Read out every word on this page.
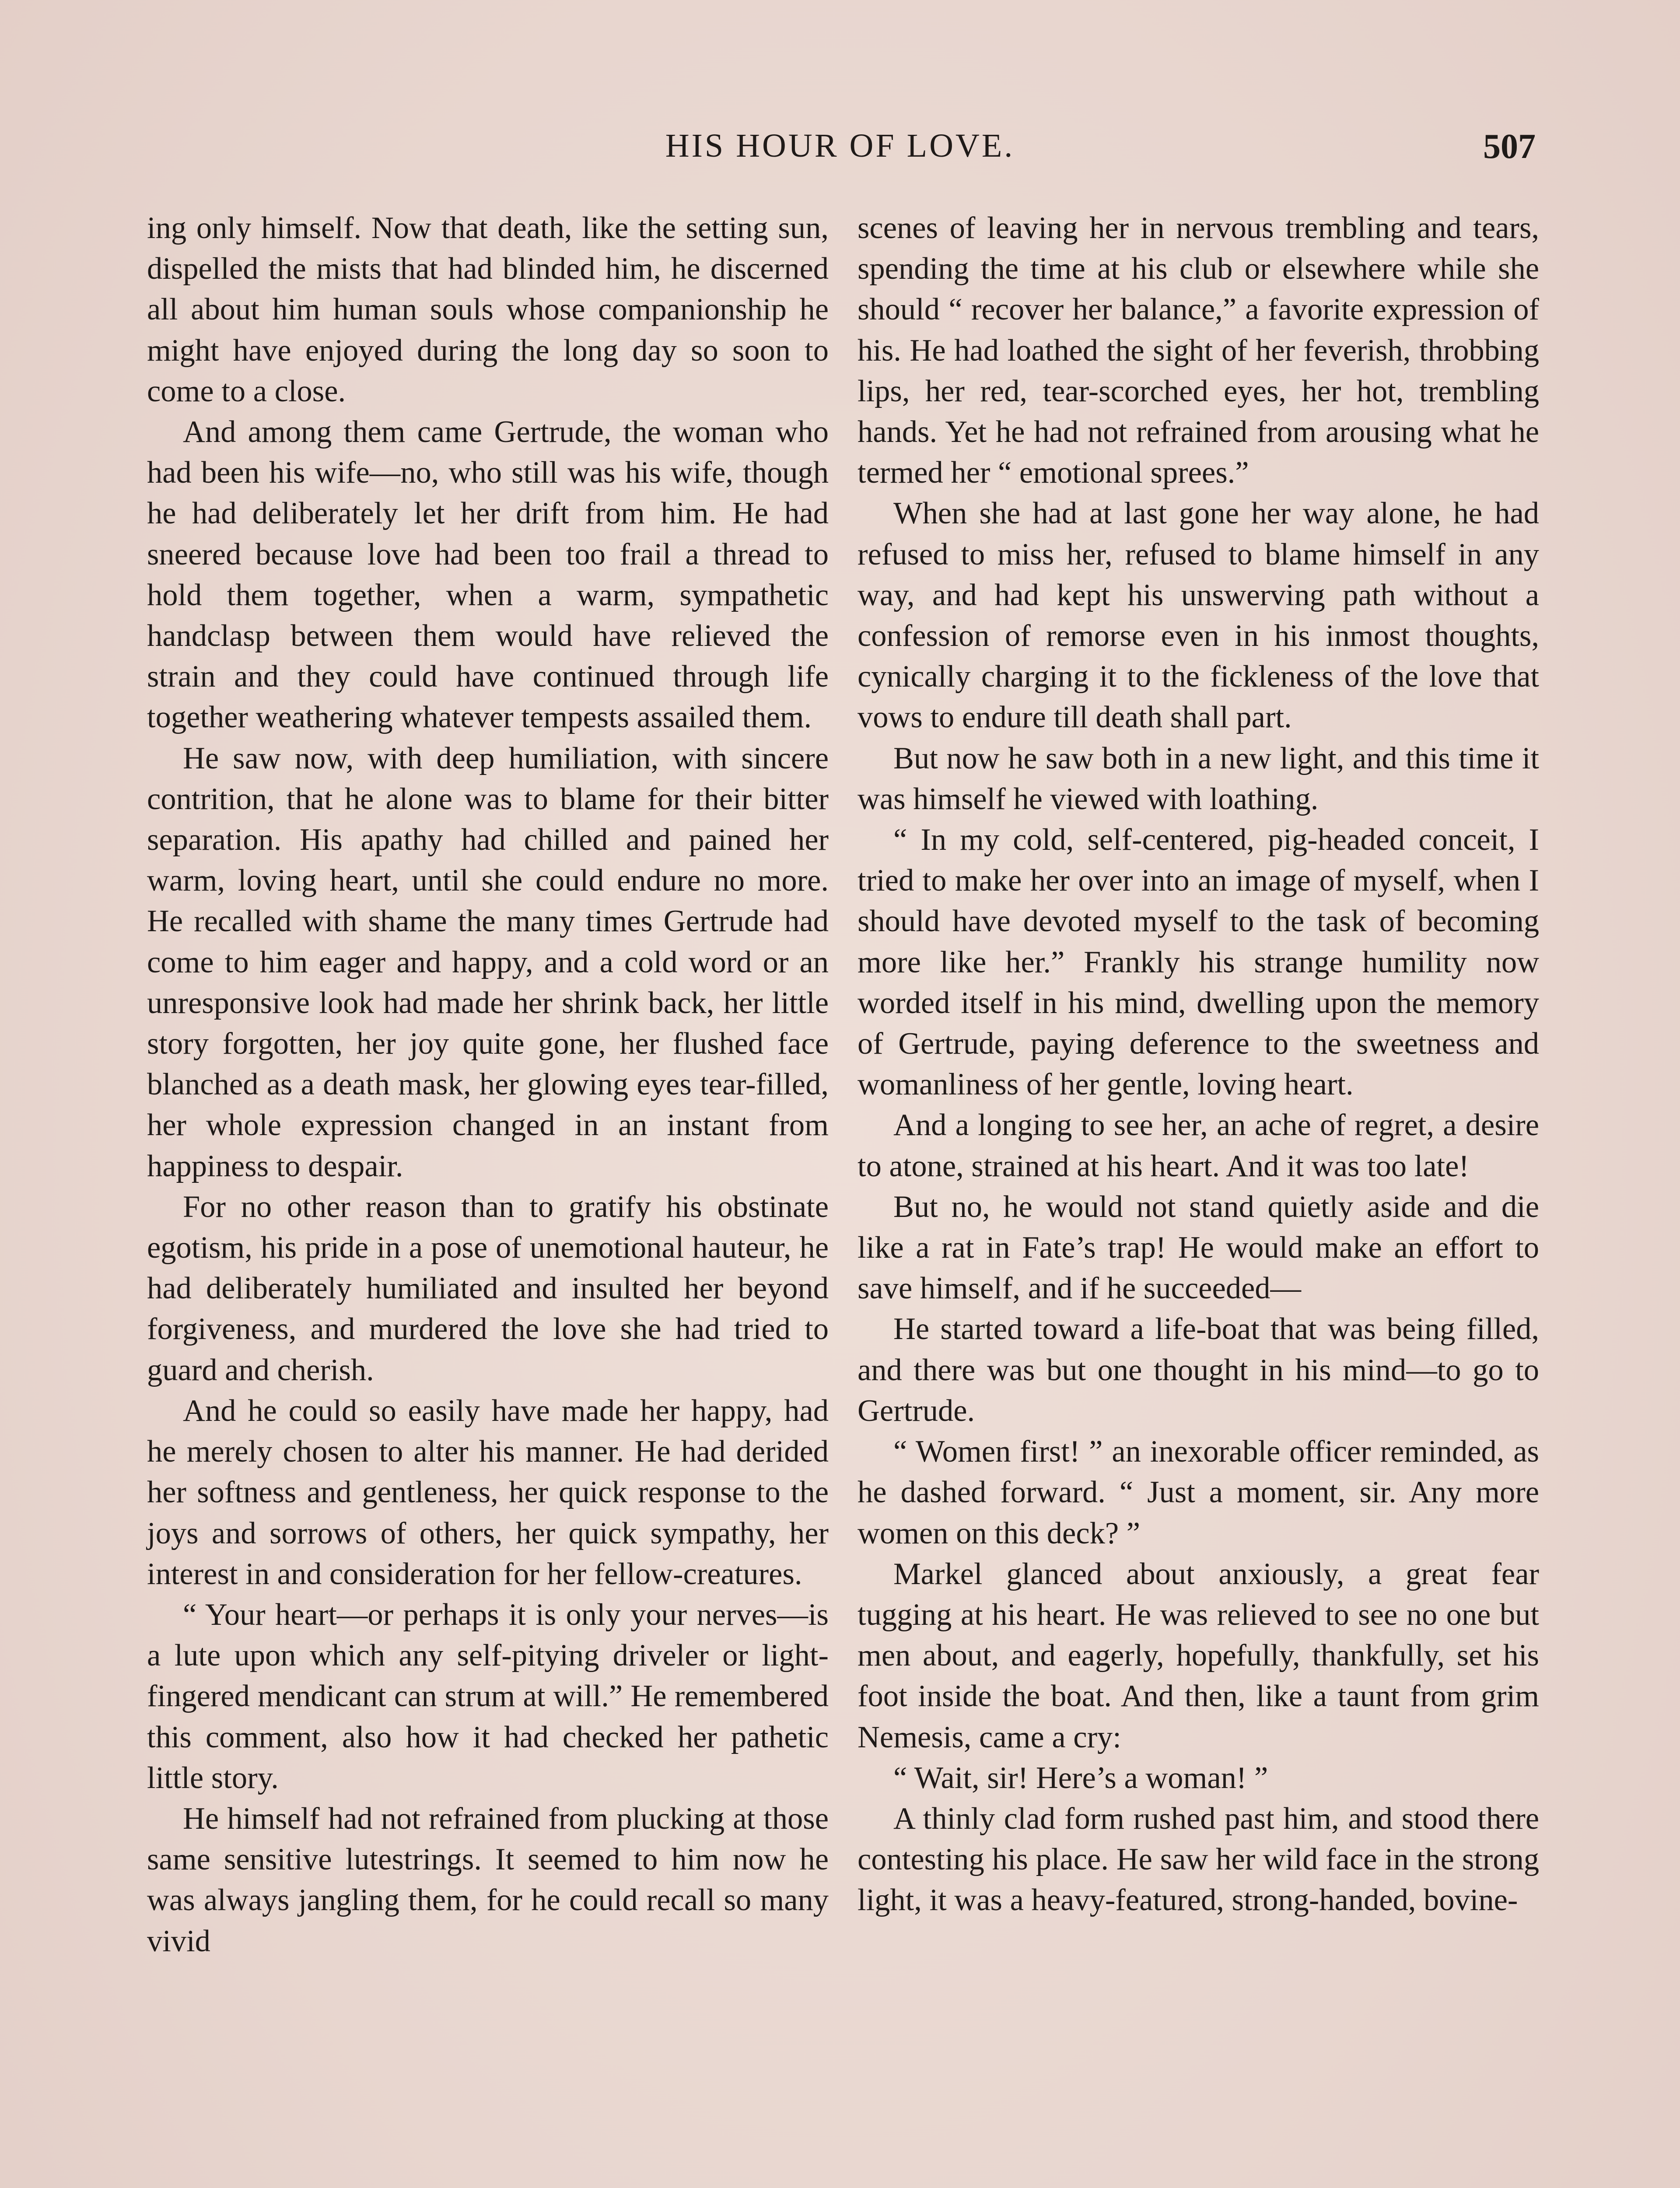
HIS HOUR OF LOVE.	507

ing only himself. Now that death, like the setting sun, dispelled the mists that had blinded him, he discerned all about him human souls whose companionship he might have enjoyed during the long day so soon to come to a close.

And among them came Gertrude, the woman who had been his wife—no, who still was his wife, though he had deliberately let her drift from him. He had sneered because love had been too frail a thread to hold them together, when a warm, sympathetic handclasp between them would have relieved the strain and they could have continued through life together weathering whatever tempests assailed them.

He saw now, with deep humiliation, with sincere contrition, that he alone was to blame for their bitter separation. His apathy had chilled and pained her warm, loving heart, until she could endure no more. He recalled with shame the many times Gertrude had come to him eager and happy, and a cold word or an unresponsive look had made her shrink back, her little story forgotten, her joy quite gone, her flushed face blanched as a death mask, her glowing eyes tear-filled, her whole expression changed in an instant from happiness to despair.

For no other reason than to gratify his obstinate egotism, his pride in a pose of unemotional hauteur, he had deliberately humiliated and insulted her beyond forgiveness, and murdered the love she had tried to guard and cherish.

And he could so easily have made her happy, had he merely chosen to alter his manner. He had derided her softness and gentleness, her quick response to the joys and sorrows of others, her quick sympathy, her interest in and consideration for her fellow-creatures.

“ Your heart—or perhaps it is only your nerves—is a lute upon which any self-pitying driveler or light-fingered mendicant can strum at will.” He remembered this comment, also how it had checked her pathetic little story.

He himself had not refrained from plucking at those same sensitive lutestrings. It seemed to him now he was always jangling them, for he could recall so many vivid

scenes of leaving her in nervous trembling and tears, spending the time at his club or elsewhere while she should “ recover her balance,” a favorite expression of his. He had loathed the sight of her feverish, throbbing lips, her red, tear-scorched eyes, her hot, trembling hands. Yet he had not refrained from arousing what he termed her “ emotional sprees.”

When she had at last gone her way alone, he had refused to miss her, refused to blame himself in any way, and had kept his unswerving path without a confession of remorse even in his inmost thoughts, cynically charging it to the fickleness of the love that vows to endure till death shall part.

But now he saw both in a new light, and this time it was himself he viewed with loathing.

“ In my cold, self-centered, pig-headed conceit, I tried to make her over into an image of myself, when I should have devoted myself to the task of becoming more like her.” Frankly his strange humility now worded itself in his mind, dwelling upon the memory of Gertrude, paying deference to the sweetness and womanliness of her gentle, loving heart.

And a longing to see her, an ache of regret, a desire to atone, strained at his heart. And it was too late!

But no, he would not stand quietly aside and die like a rat in Fate’s trap! He would make an effort to save himself, and if he succeeded—

He started toward a life-boat that was being filled, and there was but one thought in his mind—to go to Gertrude.

“ Women first! ” an inexorable officer reminded, as he dashed forward. “ Just a moment, sir. Any more women on this deck? ”

Markel glanced about anxiously, a great fear tugging at his heart. He was relieved to see no one but men about, and eagerly, hopefully, thankfully, set his foot inside the boat. And then, like a taunt from grim Nemesis, came a cry:

“ Wait, sir! Here’s a woman! ”

A thinly clad form rushed past him, and stood there contesting his place. He saw her wild face in the strong light, it was a heavy-featured, strong-handed, bovine-
